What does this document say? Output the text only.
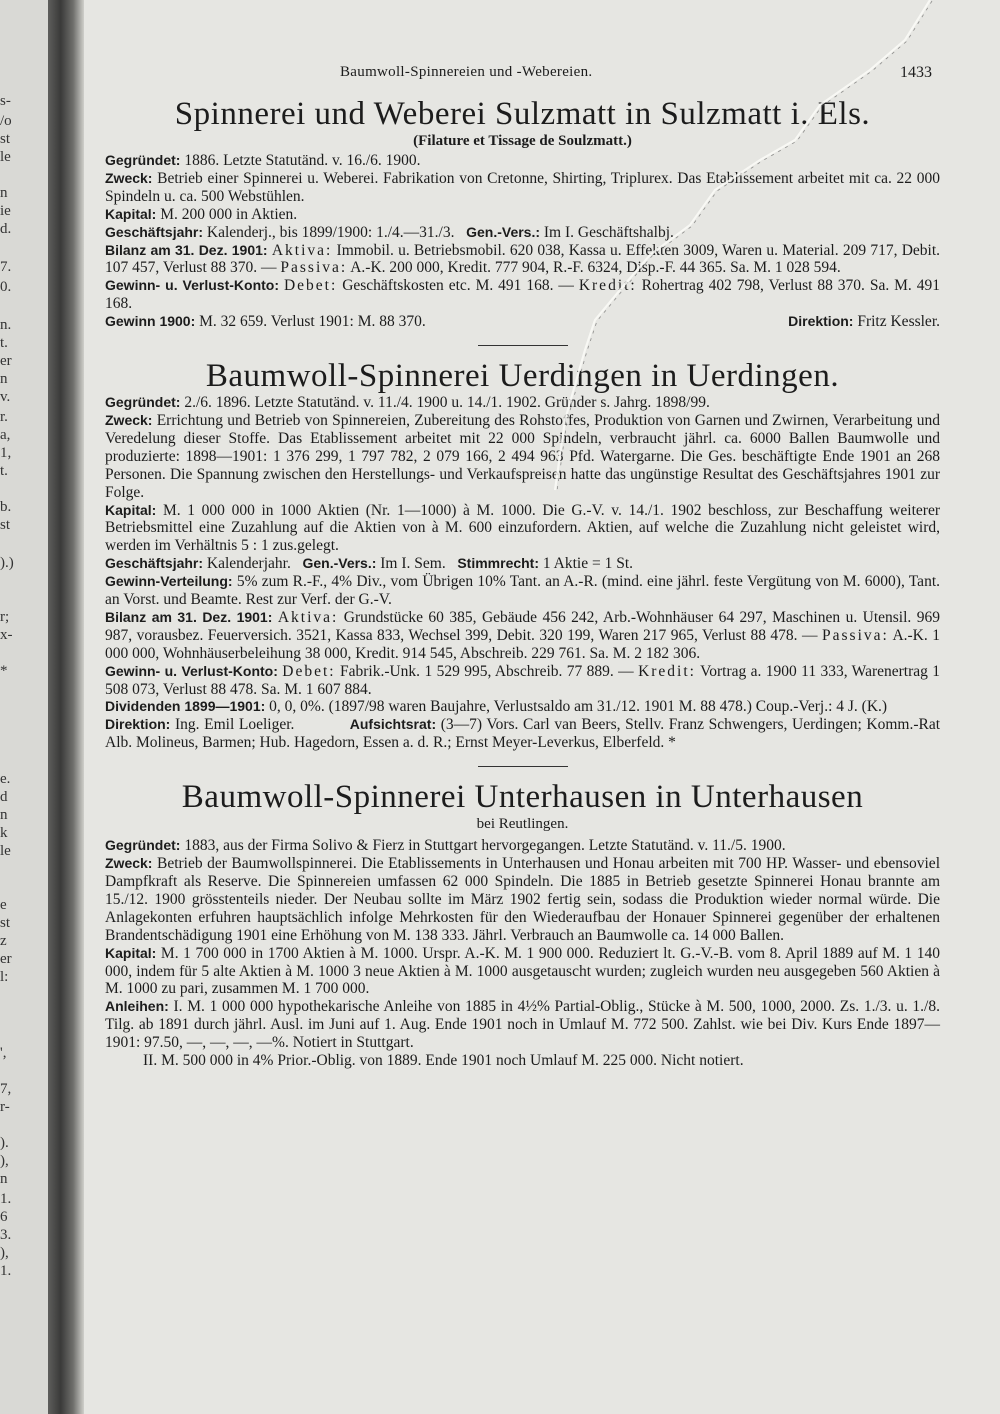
s-
/o
st
le
n
ie
d.
7.
0.
n.
t.
er
n
v.
r.
a,
1,
t.
b.
st
).)
r;
x-
*
e.
d
n
k
le
e
st
z
er
l:
',
7,
r-
).
),
n
1.
6
3.
),
1.
Baumwoll-Spinnereien und -Webereien.	1433
Spinnerei und Weberei Sulzmatt in Sulzmatt i. Els.
(Filature et Tissage de Soulzmatt.)

Gegründet: 1886. Letzte Statutänd. v. 16./6. 1900.

Zweck: Betrieb einer Spinnerei u. Weberei. Fabrikation von Cretonne, Shirting, Triplurex. Das Etablissement arbeitet mit ca. 22 000 Spindeln u. ca. 500 Webstühlen.

Kapital: M. 200 000 in Aktien.

Geschäftsjahr: Kalenderj., bis 1899/1900: 1./4.—31./3. Gen.-Vers.: Im I. Geschäftshalbj.

Bilanz am 31. Dez. 1901: Aktiva: Immobil. u. Betriebsmobil. 620 038, Kassa u. Effekten 3009, Waren u. Material. 209 717, Debit. 107 457, Verlust 88 370. — Passiva: A.-K. 200 000, Kredit. 777 904, R.-F. 6324, Disp.-F. 44 365. Sa. M. 1 028 594.

Gewinn- u. Verlust-Konto: Debet: Geschäftskosten etc. M. 491 168. — Kredit: Rohertrag 402 798, Verlust 88 370. Sa. M. 491 168.

Gewinn 1900: M. 32 659. Verlust 1901: M. 88 370.	Direktion: Fritz Kessler.

Baumwoll-Spinnerei Uerdingen in Uerdingen.

Gegründet: 2./6. 1896. Letzte Statutänd. v. 11./4. 1900 u. 14./1. 1902. Gründer s. Jahrg. 1898/99.

Zweck: Errichtung und Betrieb von Spinnereien, Zubereitung des Rohstoffes, Produktion von Garnen und Zwirnen, Verarbeitung und Veredelung dieser Stoffe. Das Etablissement arbeitet mit 22 000 Spindeln, verbraucht jährl. ca. 6000 Ballen Baumwolle und produzierte: 1898—1901: 1 376 299, 1 797 782, 2 079 166, 2 494 963 Pfd. Watergarne. Die Ges. beschäftigte Ende 1901 an 268 Personen. Die Spannung zwischen den Herstellungs- und Verkaufspreisen hatte das ungünstige Resultat des Geschäftsjahres 1901 zur Folge.

Kapital: M. 1 000 000 in 1000 Aktien (Nr. 1—1000) à M. 1000. Die G.-V. v. 14./1. 1902 beschloss, zur Beschaffung weiterer Betriebsmittel eine Zuzahlung auf die Aktien von à M. 600 einzufordern. Aktien, auf welche die Zuzahlung nicht geleistet wird, werden im Verhältnis 5 : 1 zus.gelegt.

Geschäftsjahr: Kalenderjahr. Gen.-Vers.: Im I. Sem. Stimmrecht: 1 Aktie = 1 St.

Gewinn-Verteilung: 5% zum R.-F., 4% Div., vom Übrigen 10% Tant. an A.-R. (mind. eine jährl. feste Vergütung von M. 6000), Tant. an Vorst. und Beamte. Rest zur Verf. der G.-V.

Bilanz am 31. Dez. 1901: Aktiva: Grundstücke 60 385, Gebäude 456 242, Arb.-Wohnhäuser 64 297, Maschinen u. Utensil. 969 987, vorausbez. Feuerversich. 3521, Kassa 833, Wechsel 399, Debit. 320 199, Waren 217 965, Verlust 88 478. — Passiva: A.-K. 1 000 000, Wohnhäuserbeleihung 38 000, Kredit. 914 545, Abschreib. 229 761. Sa. M. 2 182 306.

Gewinn- u. Verlust-Konto: Debet: Fabrik.-Unk. 1 529 995, Abschreib. 77 889. — Kredit: Vortrag a. 1900 11 333, Warenertrag 1 508 073, Verlust 88 478. Sa. M. 1 607 884.

Dividenden 1899—1901: 0, 0, 0%. (1897/98 waren Baujahre, Verlustsaldo am 31./12. 1901 M. 88 478.) Coup.-Verj.: 4 J. (K.)

Direktion: Ing. Emil Loeliger.	Aufsichtsrat: (3—7) Vors. Carl van Beers, Stellv. Franz Schwengers, Uerdingen; Komm.-Rat Alb. Molineus, Barmen; Hub. Hagedorn, Essen a. d. R.; Ernst Meyer-Leverkus, Elberfeld. *

Baumwoll-Spinnerei Unterhausen in Unterhausen
bei Reutlingen.

Gegründet: 1883, aus der Firma Solivo & Fierz in Stuttgart hervorgegangen. Letzte Statutänd. v. 11./5. 1900.

Zweck: Betrieb der Baumwollspinnerei. Die Etablissements in Unterhausen und Honau arbeiten mit 700 HP. Wasser- und ebensoviel Dampfkraft als Reserve. Die Spinnereien umfassen 62 000 Spindeln. Die 1885 in Betrieb gesetzte Spinnerei Honau brannte am 15./12. 1900 grösstenteils nieder. Der Neubau sollte im März 1902 fertig sein, sodass die Produktion wieder normal würde. Die Anlagekonten erfuhren hauptsächlich infolge Mehrkosten für den Wiederaufbau der Honauer Spinnerei gegenüber der erhaltenen Brandentschädigung 1901 eine Erhöhung von M. 138 333. Jährl. Verbrauch an Baumwolle ca. 14 000 Ballen.

Kapital: M. 1 700 000 in 1700 Aktien à M. 1000. Urspr. A.-K. M. 1 900 000. Reduziert lt. G.-V.-B. vom 8. April 1889 auf M. 1 140 000, indem für 5 alte Aktien à M. 1000 3 neue Aktien à M. 1000 ausgetauscht wurden; zugleich wurden neu ausgegeben 560 Aktien à M. 1000 zu pari, zusammen M. 1 700 000.

Anleihen: I. M. 1 000 000 hypothekarische Anleihe von 1885 in 4½% Partial-Oblig., Stücke à M. 500, 1000, 2000. Zs. 1./3. u. 1./8. Tilg. ab 1891 durch jährl. Ausl. im Juni auf 1. Aug. Ende 1901 noch in Umlauf M. 772 500. Zahlst. wie bei Div. Kurs Ende 1897—1901: 97.50, —, —, —, —%. Notiert in Stuttgart.

II. M. 500 000 in 4% Prior.-Oblig. von 1889. Ende 1901 noch Umlauf M. 225 000. Nicht notiert.
